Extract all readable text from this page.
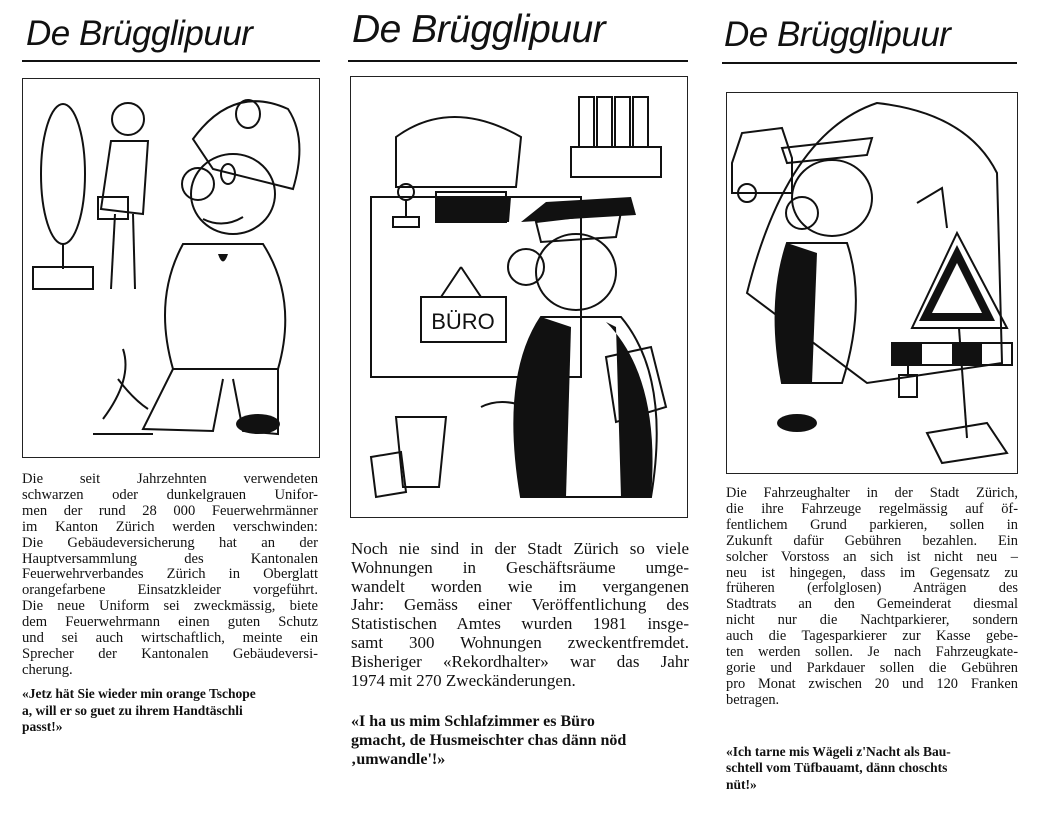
De Brügglipuur
Die seit Jahrzehnten verwendeten
schwarzen oder dunkelgrauen Unifor-
men der rund 28 000 Feuerwehrmänner
im Kanton Zürich werden verschwinden:
Die Gebäudeversicherung hat an der
Hauptversammlung des Kantonalen
Feuerwehrverbandes Zürich in Oberglatt
orangefarbene Einsatzkleider vorgeführt.
Die neue Uniform sei zweckmässig, biete
dem Feuerwehrmann einen guten Schutz
und sei auch wirtschaftlich, meinte ein
Sprecher der Kantonalen Gebäudeversi-
cherung.
«Jetz hät Sie wieder min orange Tschope
a, will er so guet zu ihrem Handtäschli
passt!»
De Brügglipuur
BÜRO
Noch nie sind in der Stadt Zürich so viele
Wohnungen in Geschäftsräume umge-
wandelt worden wie im vergangenen
Jahr: Gemäss einer Veröffentlichung des
Statistischen Amtes wurden 1981 insge-
samt 300 Wohnungen zweckentfremdet.
Bisheriger «Rekordhalter» war das Jahr
1974 mit 270 Zweckänderungen.
«I ha us mim Schlafzimmer es Büro
gmacht, de Husmeischter chas dänn nöd
‚umwandle'!»
De Brügglipuur
Die Fahrzeughalter in der Stadt Zürich,
die ihre Fahrzeuge regelmässig auf öf-
fentlichem Grund parkieren, sollen in
Zukunft dafür Gebühren bezahlen. Ein
solcher Vorstoss an sich ist nicht neu –
neu ist hingegen, dass im Gegensatz zu
früheren (erfolglosen) Anträgen des
Stadtrats an den Gemeinderat diesmal
nicht nur die Nachtparkierer, sondern
auch die Tagesparkierer zur Kasse gebe-
ten werden sollen. Je nach Fahrzeugkate-
gorie und Parkdauer sollen die Gebühren
pro Monat zwischen 20 und 120 Franken
betragen.
«Ich tarne mis Wägeli z'Nacht als Bau-
schtell vom Tüfbauamt, dänn choschts
nüt!»
